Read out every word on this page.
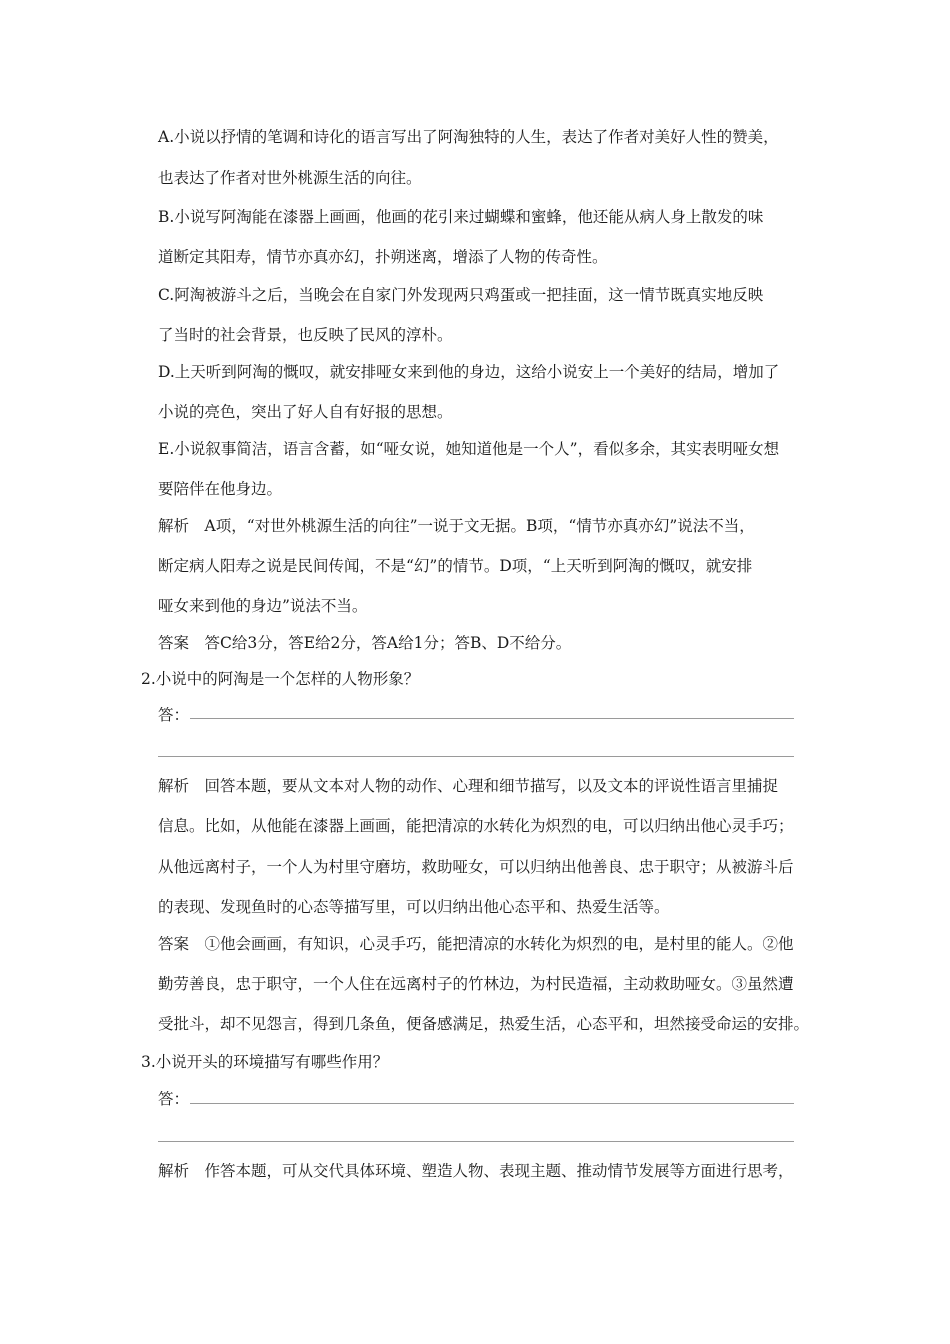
A.小说以抒情的笔调和诗化的语言写出了阿淘独特的人生，表达了作者对美好人性的赞美，
也表达了作者对世外桃源生活的向往。
B.小说写阿淘能在漆器上画画，他画的花引来过蝴蝶和蜜蜂，他还能从病人身上散发的味
道断定其阳寿，情节亦真亦幻，扑朔迷离，增添了人物的传奇性。
C.阿淘被游斗之后，当晚会在自家门外发现两只鸡蛋或一把挂面，这一情节既真实地反映
了当时的社会背景，也反映了民风的淳朴。
D.上天听到阿淘的慨叹，就安排哑女来到他的身边，这给小说安上一个美好的结局，增加了
小说的亮色，突出了好人自有好报的思想。
E.小说叙事简洁，语言含蓄，如“哑女说，她知道他是一个人”，看似多余，其实表明哑女想
要陪伴在他身边。
解析　A项，“对世外桃源生活的向往”一说于文无据。B项，“情节亦真亦幻”说法不当，
断定病人阳寿之说是民间传闻，不是“幻”的情节。D项，“上天听到阿淘的慨叹，就安排
哑女来到他的身边”说法不当。
答案　答C给3分，答E给2分，答A给1分；答B、D不给分。
2.小说中的阿淘是一个怎样的人物形象？
答：
解析　回答本题，要从文本对人物的动作、心理和细节描写，以及文本的评说性语言里捕捉
信息。比如，从他能在漆器上画画，能把清凉的水转化为炽烈的电，可以归纳出他心灵手巧；
从他远离村子，一个人为村里守磨坊，救助哑女，可以归纳出他善良、忠于职守；从被游斗后
的表现、发现鱼时的心态等描写里，可以归纳出他心态平和、热爱生活等。
答案　①他会画画，有知识，心灵手巧，能把清凉的水转化为炽烈的电，是村里的能人。②他
勤劳善良，忠于职守，一个人住在远离村子的竹林边，为村民造福，主动救助哑女。③虽然遭
受批斗，却不见怨言，得到几条鱼，便备感满足，热爱生活，心态平和，坦然接受命运的安排。
3.小说开头的环境描写有哪些作用？
答：
解析　作答本题，可从交代具体环境、塑造人物、表现主题、推动情节发展等方面进行思考，
